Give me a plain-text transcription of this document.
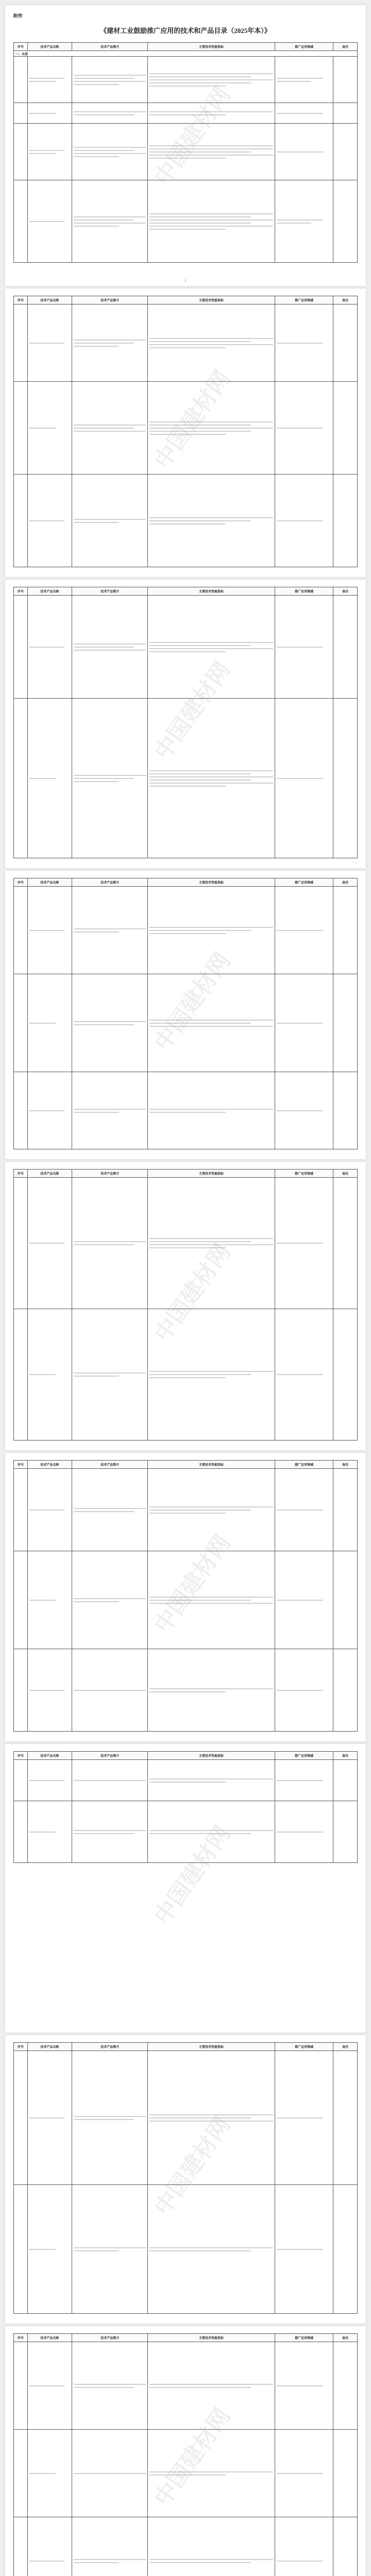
附件
《建材工业鼓励推广应用的技术和产品目录（2025年本）》
序号	技术产品名称	技术产品简介	主要技术性能指标	推广应用领域	备注
一、水泥					

中国建材网
1
序号	技术产品名称	技术产品简介	主要技术性能指标	推广应用领域	备注

中国建材网
序号	技术产品名称	技术产品简介	主要技术性能指标	推广应用领域	备注

中国建材网
序号	技术产品名称	技术产品简介	主要技术性能指标	推广应用领域	备注

中国建材网
序号	技术产品名称	技术产品简介	主要技术性能指标	推广应用领域	备注

中国建材网
序号	技术产品名称	技术产品简介	主要技术性能指标	推广应用领域	备注

中国建材网
序号	技术产品名称	技术产品简介	主要技术性能指标	推广应用领域	备注

中国建材网
序号	技术产品名称	技术产品简介	主要技术性能指标	推广应用领域	备注

中国建材网
序号	技术产品名称	技术产品简介	主要技术性能指标	推广应用领域	备注

中国建材网
